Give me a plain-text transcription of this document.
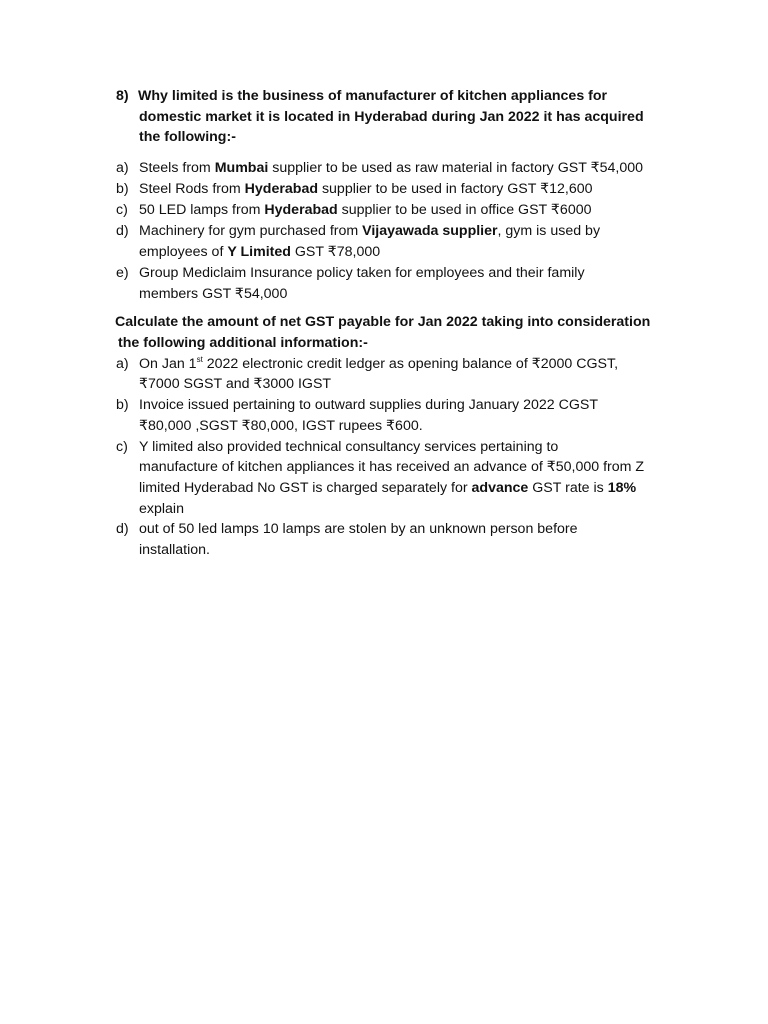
8) Why limited is the business of manufacturer of kitchen appliances for
domestic market it is located in Hyderabad during Jan 2022 it has acquired
the following:-
a) Steels from Mumbai supplier to be used as raw material in factory GST ₹54,000
b) Steel Rods from Hyderabad supplier to be used in factory GST ₹12,600
c) 50 LED lamps from Hyderabad supplier to be used in office GST ₹6000
d) Machinery for gym purchased from Vijayawada supplier, gym is used by
employees of Y Limited GST ₹78,000
e) Group Mediclaim Insurance policy taken for employees and their family
members GST ₹54,000
Calculate the amount of net GST payable for Jan 2022 taking into consideration
the following additional information:-
a) On Jan 1st 2022 electronic credit ledger as opening balance of ₹2000 CGST,
₹7000 SGST and ₹3000 IGST
b) Invoice issued pertaining to outward supplies during January 2022 CGST
₹80,000 ,SGST ₹80,000, IGST rupees ₹600.
c) Y limited also provided technical consultancy services pertaining to
manufacture of kitchen appliances it has received an advance of ₹50,000 from Z
limited Hyderabad No GST is charged separately for advance GST rate is 18%
explain
d) out of 50 led lamps 10 lamps are stolen by an unknown person before
installation.
